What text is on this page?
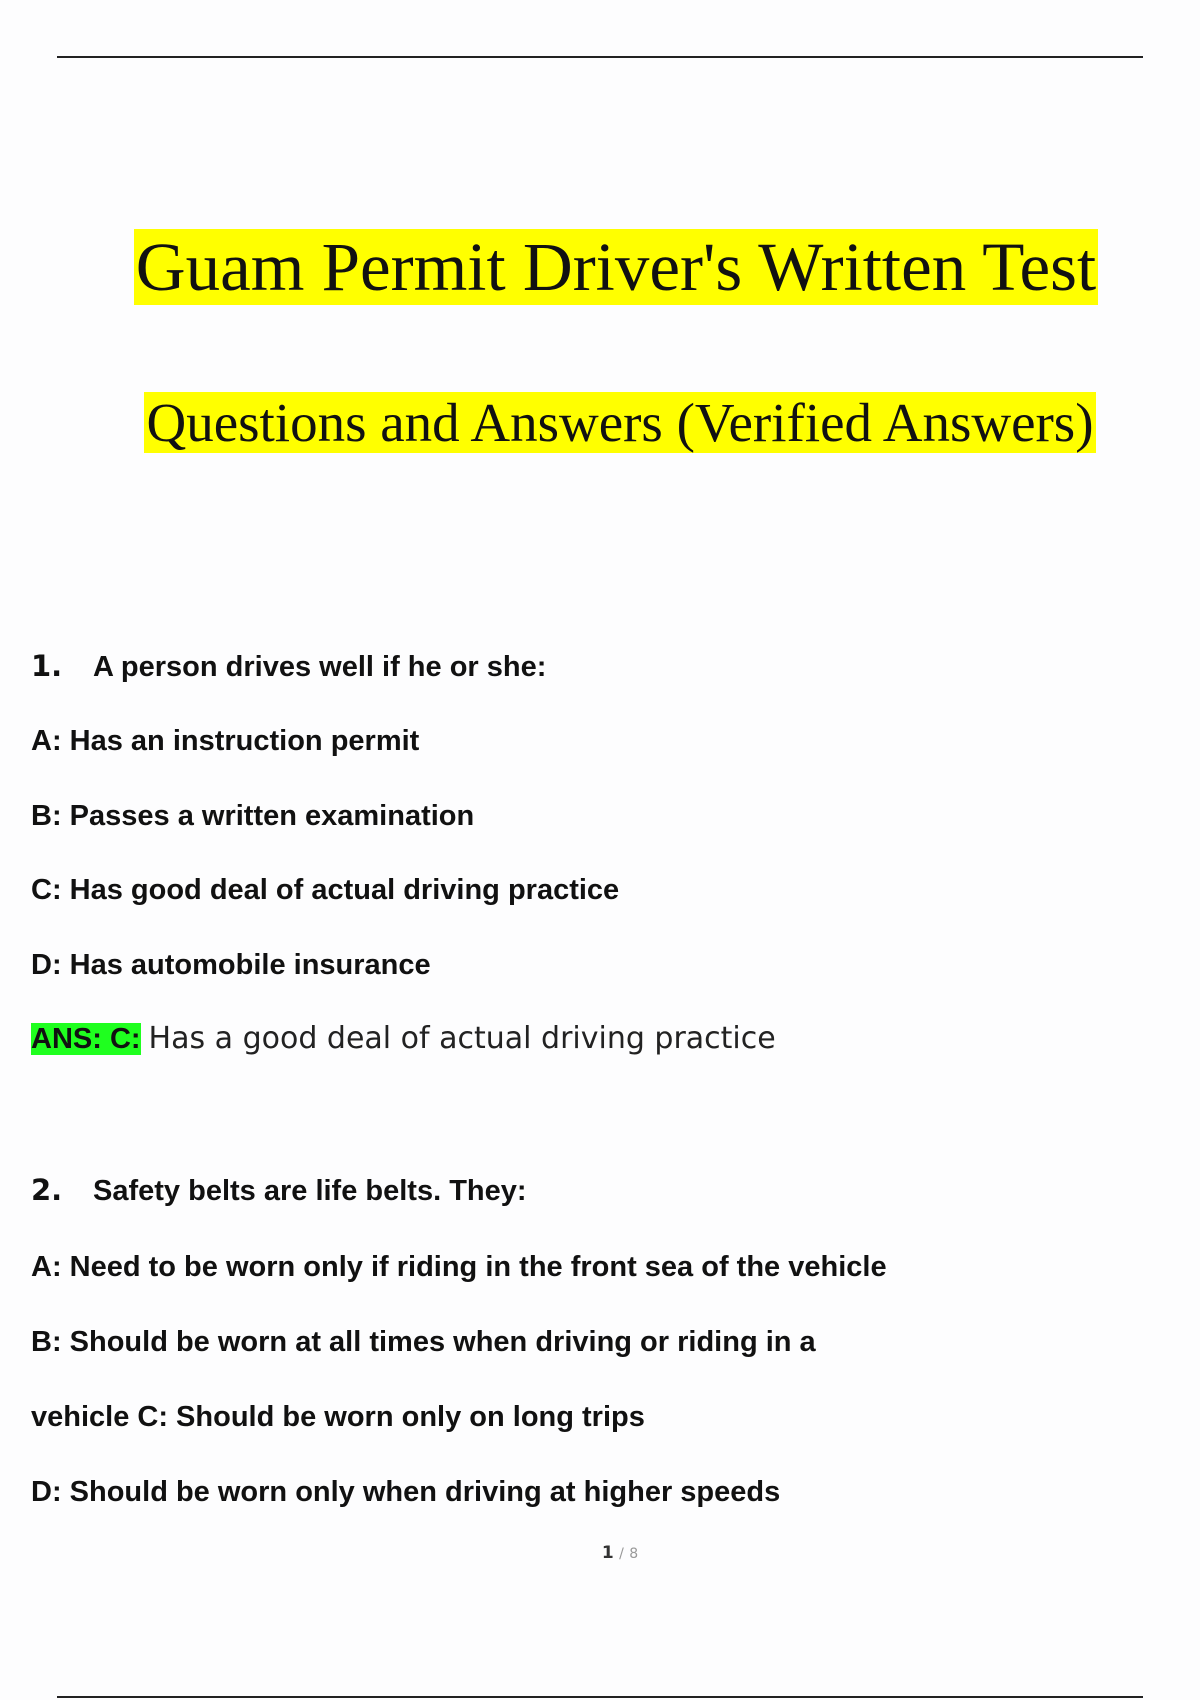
Guam Permit Driver's Written Test
Questions and Answers (Verified Answers)
1. A person drives well if he or she:
A: Has an instruction permit
B: Passes a written examination
C: Has good deal of actual driving practice
D: Has automobile insurance
ANS: C: Has a good deal of actual driving practice
2. Safety belts are life belts. They:
A: Need to be worn only if riding in the front sea of the vehicle
B: Should be worn at all times when driving or riding in a
vehicle C: Should be worn only on long trips
D: Should be worn only when driving at higher speeds
1 / 8
